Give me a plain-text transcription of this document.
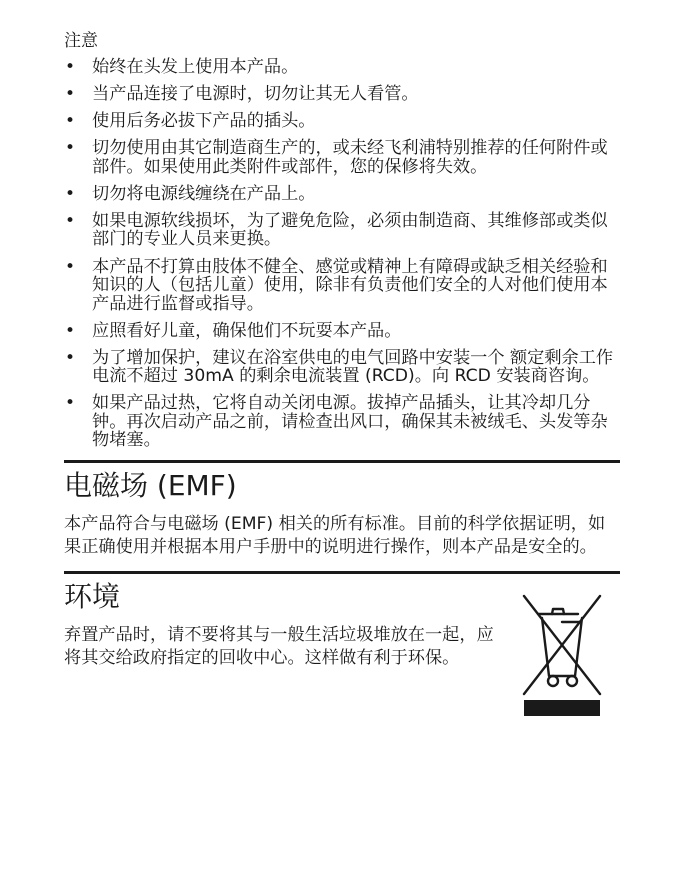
注意
• 始终在头发上使用本产品。
• 当产品连接了电源时，切勿让其无人看管。
• 使用后务必拔下产品的插头。
• 切勿使用由其它制造商生产的，或未经飞利浦特别推荐的任何附件或部件。如果使用此类附件或部件，您的保修将失效。
• 切勿将电源线缠绕在产品上。
• 如果电源软线损坏，为了避免危险，必须由制造商、其维修部或类似部门的专业人员来更换。
• 本产品不打算由肢体不健全、感觉或精神上有障碍或缺乏相关经验和知识的人（包括儿童）使用，除非有负责他们安全的人对他们使用本产品进行监督或指导。
• 应照看好儿童，确保他们不玩耍本产品。
• 为了增加保护，建议在浴室供电的电气回路中安装一个 额定剩余工作电流不超过 30mA 的剩余电流装置 (RCD)。向 RCD 安装商咨询。
• 如果产品过热，它将自动关闭电源。拔掉产品插头，让其冷却几分钟。再次启动产品之前，请检查出风口，确保其未被绒毛、头发等杂物堵塞。
电磁场 (EMF)

本产品符合与电磁场 (EMF) 相关的所有标准。目前的科学依据证明，如果正确使用并根据本用户手册中的说明进行操作，则本产品是安全的。

环境

弃置产品时，请不要将其与一般生活垃圾堆放在一起，应将其交给政府指定的回收中心。这样做有利于环保。
